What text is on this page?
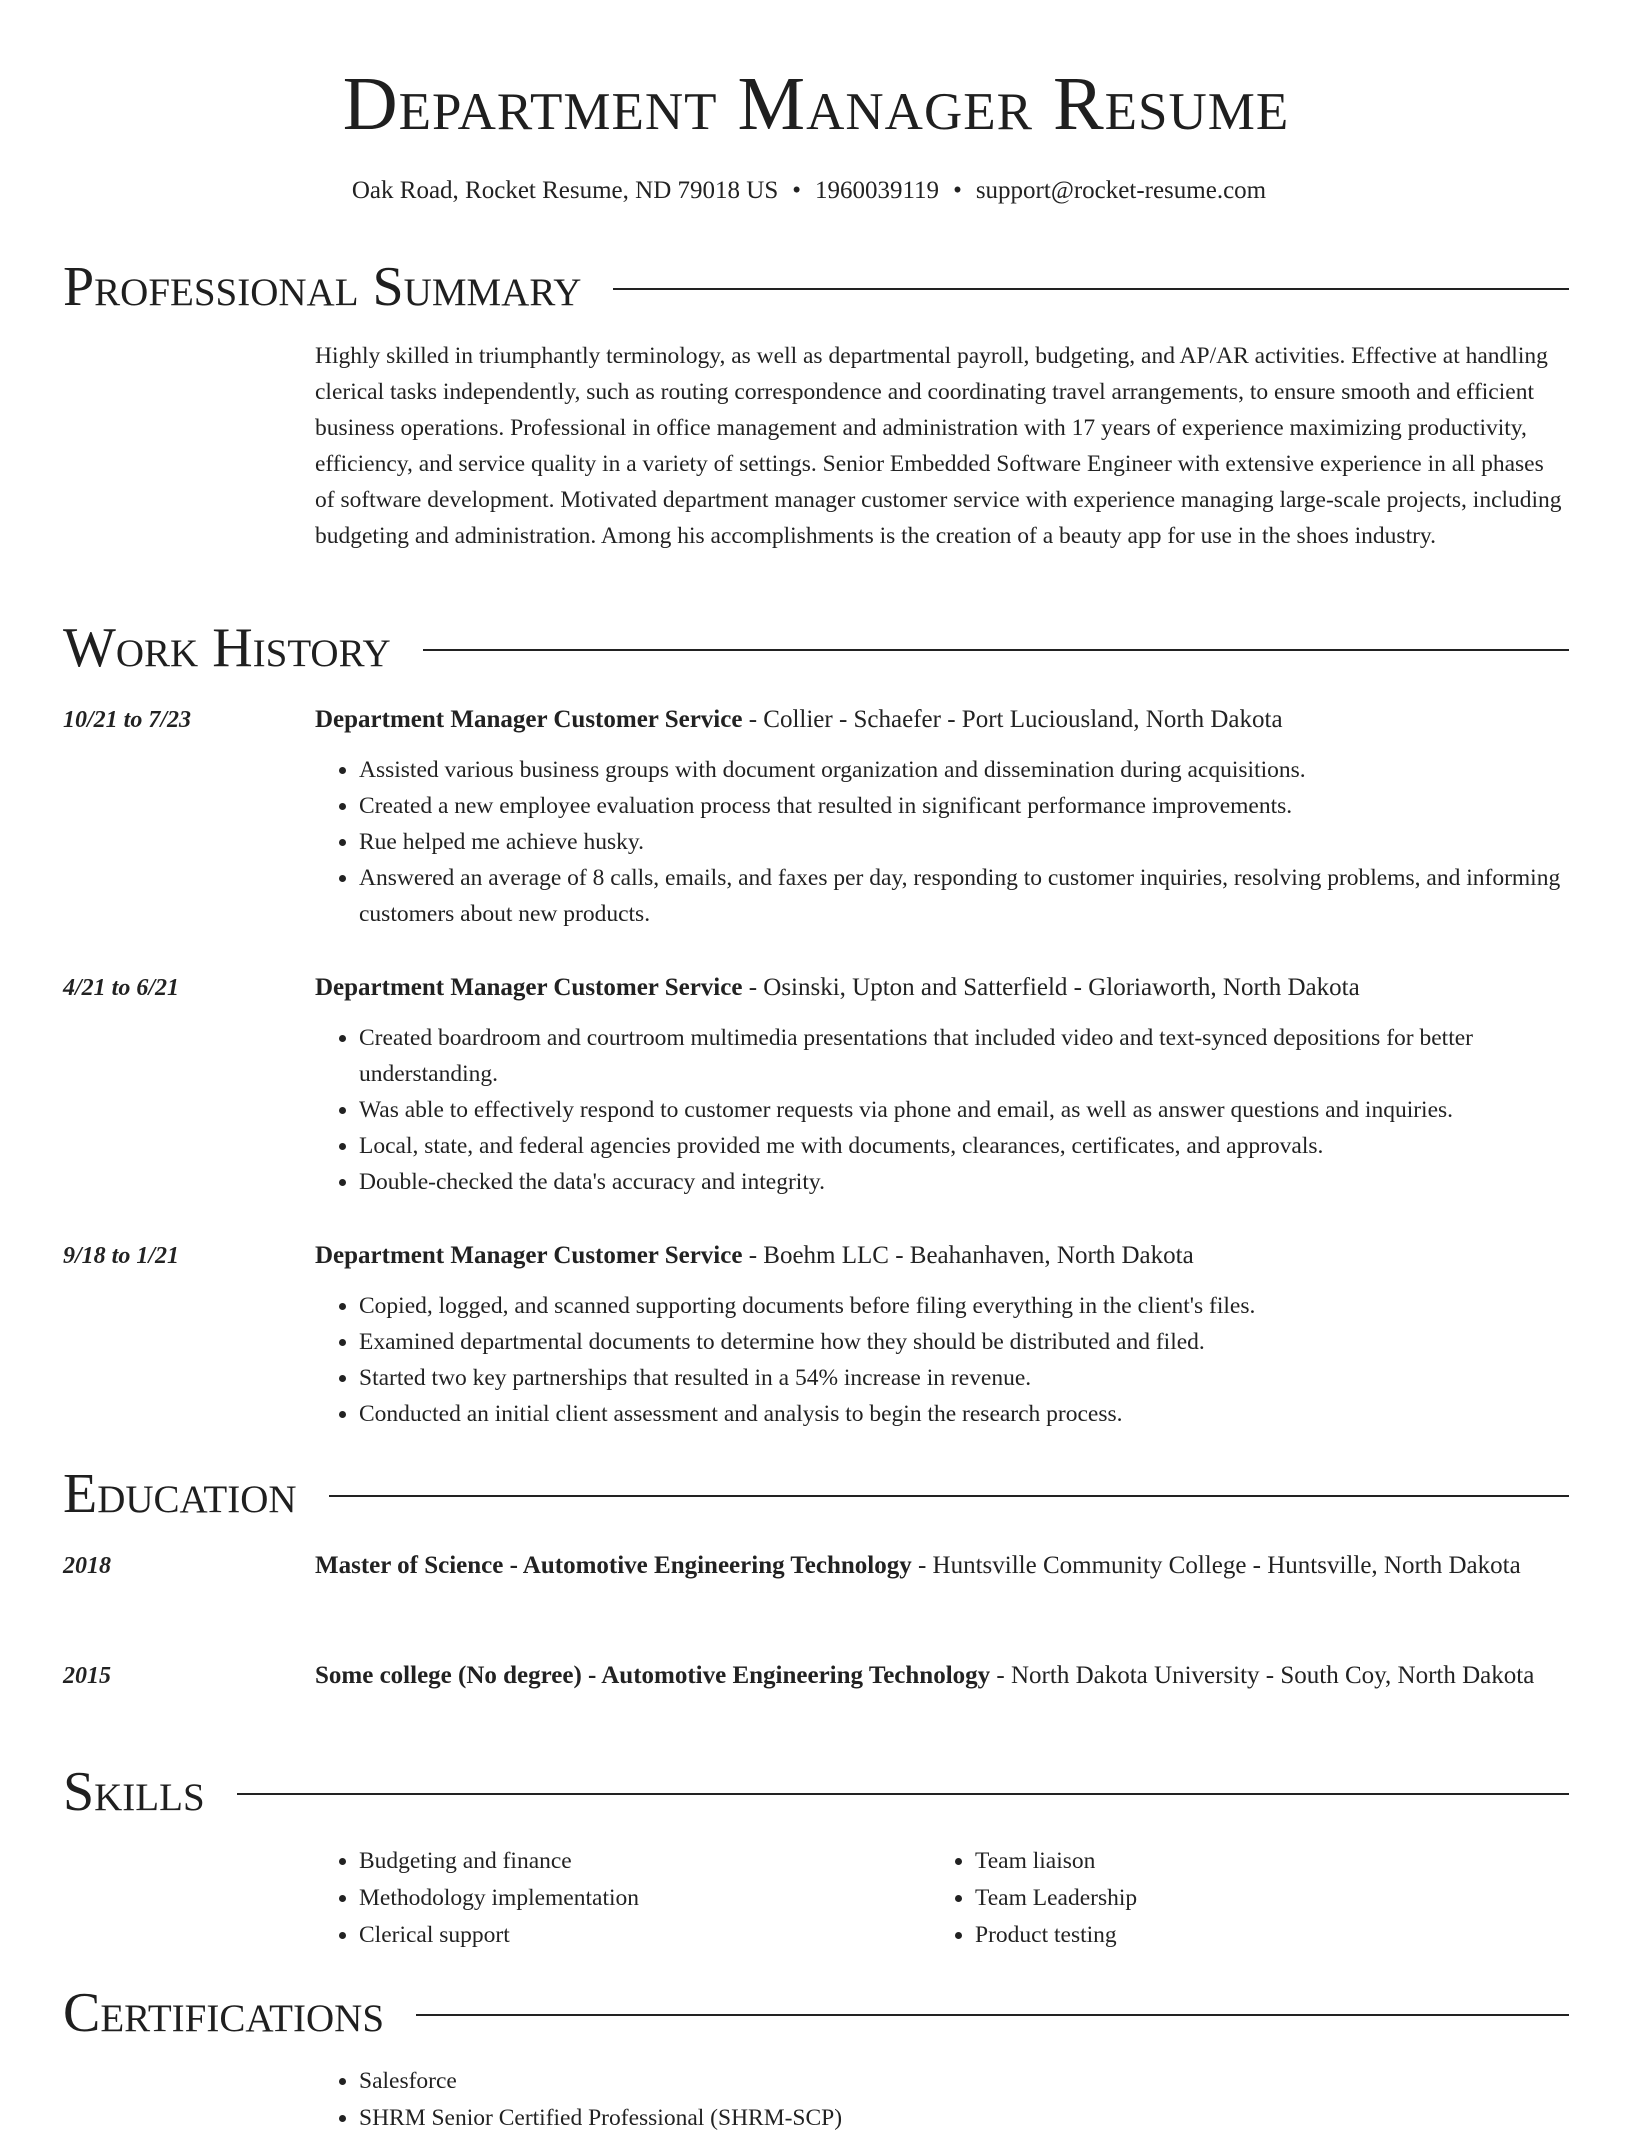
Department Manager Resume
Oak Road, Rocket Resume, ND 79018 US • 1960039119 • support@rocket-resume.com
Professional Summary
Highly skilled in triumphantly terminology, as well as departmental payroll, budgeting, and AP/AR activities. Effective at handling clerical tasks independently, such as routing correspondence and coordinating travel arrangements, to ensure smooth and efficient business operations. Professional in office management and administration with 17 years of experience maximizing productivity, efficiency, and service quality in a variety of settings. Senior Embedded Software Engineer with extensive experience in all phases of software development. Motivated department manager customer service with experience managing large-scale projects, including budgeting and administration. Among his accomplishments is the creation of a beauty app for use in the shoes industry.
Work History
10/21 to 7/23	Department Manager Customer Service - Collier - Schaefer - Port Luciousland, North Dakota
• Assisted various business groups with document organization and dissemination during acquisitions.
• Created a new employee evaluation process that resulted in significant performance improvements.
• Rue helped me achieve husky.
• Answered an average of 8 calls, emails, and faxes per day, responding to customer inquiries, resolving problems, and informing customers about new products.
4/21 to 6/21	Department Manager Customer Service - Osinski, Upton and Satterfield - Gloriaworth, North Dakota
• Created boardroom and courtroom multimedia presentations that included video and text-synced depositions for better understanding.
• Was able to effectively respond to customer requests via phone and email, as well as answer questions and inquiries.
• Local, state, and federal agencies provided me with documents, clearances, certificates, and approvals.
• Double-checked the data's accuracy and integrity.
9/18 to 1/21	Department Manager Customer Service - Boehm LLC - Beahanhaven, North Dakota
• Copied, logged, and scanned supporting documents before filing everything in the client's files.
• Examined departmental documents to determine how they should be distributed and filed.
• Started two key partnerships that resulted in a 54% increase in revenue.
• Conducted an initial client assessment and analysis to begin the research process.
Education
2018	Master of Science - Automotive Engineering Technology - Huntsville Community College - Huntsville, North Dakota
2015	Some college (No degree) - Automotive Engineering Technology - North Dakota University - South Coy, North Dakota
Skills
• Budgeting and finance
• Methodology implementation
• Clerical support
• Team liaison
• Team Leadership
• Product testing
Certifications
• Salesforce
• SHRM Senior Certified Professional (SHRM-SCP)
